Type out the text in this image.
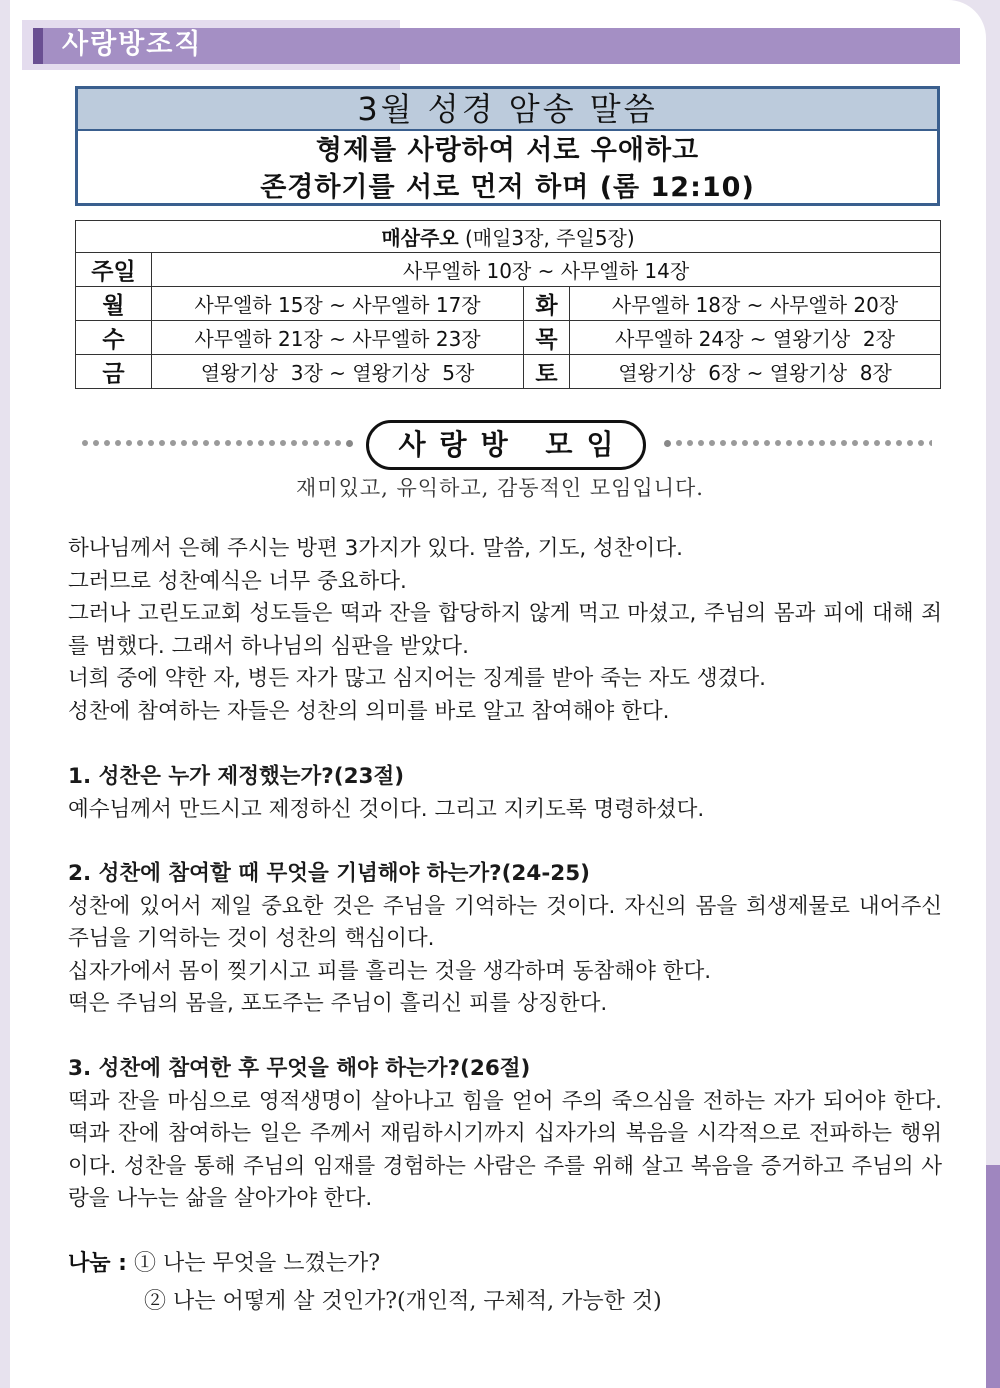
사랑방조직
3월 성경 암송 말씀
형제를 사랑하여 서로 우애하고
존경하기를 서로 먼저 하며 (롬 12:10)
매삼주오 (매일3장, 주일5장)			
주일	사무엘하 10장 ~ 사무엘하 14장		
월	사무엘하 15장 ~ 사무엘하 17장	화	사무엘하 18장 ~ 사무엘하 20장
수	사무엘하 21장 ~ 사무엘하 23장	목	사무엘하 24장 ~ 열왕기상  2장
금	열왕기상  3장 ~ 열왕기상  5장	토	열왕기상  6장 ~ 열왕기상  8장
사랑방 모임
재미있고, 유익하고, 감동적인 모임입니다.

하나님께서 은혜 주시는 방편 3가지가 있다. 말씀, 기도, 성찬이다.

그러므로 성찬예식은 너무 중요하다.

그러나 고린도교회 성도들은 떡과 잔을 합당하지 않게 먹고 마셨고, 주님의 몸과 피에 대해 죄를 범했다. 그래서 하나님의 심판을 받았다.

너희 중에 약한 자, 병든 자가 많고 심지어는 징계를 받아 죽는 자도 생겼다.

성찬에 참여하는 자들은 성찬의 의미를 바로 알고 참여해야 한다.

1. 성찬은 누가 제정했는가?(23절)

예수님께서 만드시고 제정하신 것이다. 그리고 지키도록 명령하셨다.

2. 성찬에 참여할 때 무엇을 기념해야 하는가?(24-25)

성찬에 있어서 제일 중요한 것은 주님을 기억하는 것이다. 자신의 몸을 희생제물로 내어주신 주님을 기억하는 것이 성찬의 핵심이다.

십자가에서 몸이 찢기시고 피를 흘리는 것을 생각하며 동참해야 한다.

떡은 주님의 몸을, 포도주는 주님이 흘리신 피를 상징한다.

3. 성찬에 참여한 후 무엇을 해야 하는가?(26절)

떡과 잔을 마심으로 영적생명이 살아나고 힘을 얻어 주의 죽으심을 전하는 자가 되어야 한다. 떡과 잔에 참여하는 일은 주께서 재림하시기까지 십자가의 복음을 시각적으로 전파하는 행위이다. 성찬을 통해 주님의 임재를 경험하는 사람은 주를 위해 살고 복음을 증거하고 주님의 사랑을 나누는 삶을 살아가야 한다.

나눔 : ① 나는 무엇을 느꼈는가?
② 나는 어떻게 살 것인가?(개인적, 구체적, 가능한 것)
